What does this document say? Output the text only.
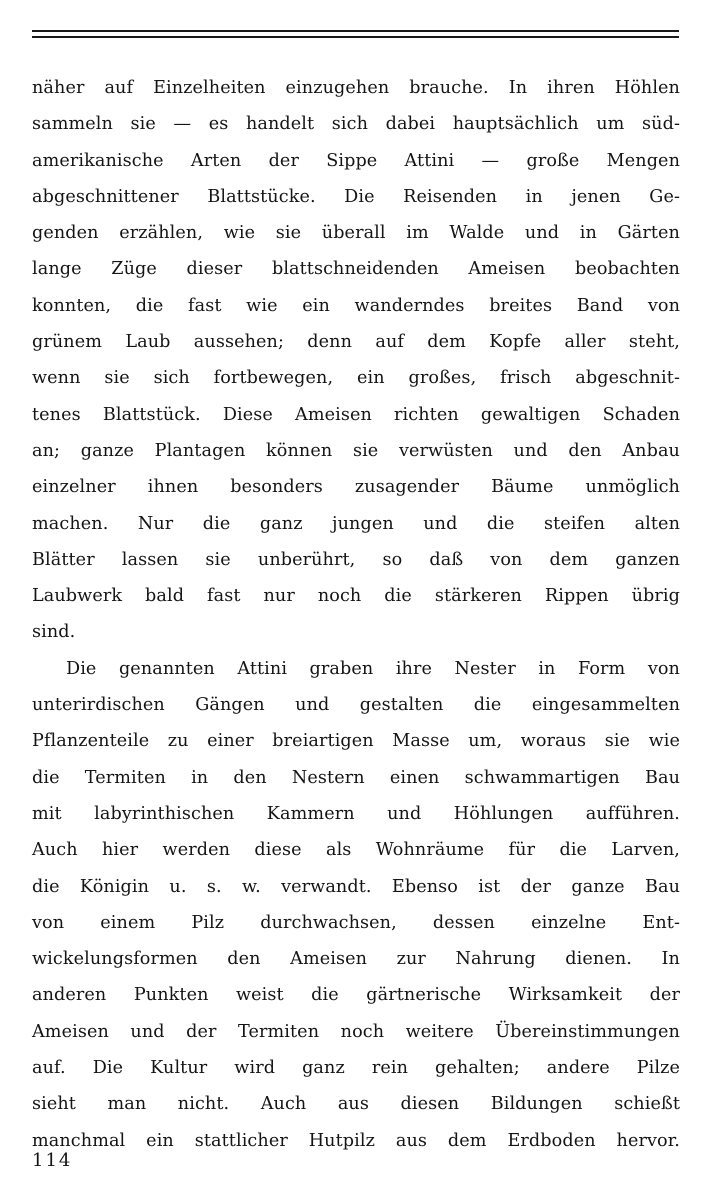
näher auf Einzelheiten einzugehen brauche. In ihren Höhlen
sammeln sie — es handelt sich dabei hauptsächlich um süd-
amerikanische Arten der Sippe Attini — große Mengen
abgeschnittener Blattstücke. Die Reisenden in jenen Ge-
genden erzählen, wie sie überall im Walde und in Gärten
lange Züge dieser blattschneidenden Ameisen beobachten
konnten, die fast wie ein wanderndes breites Band von
grünem Laub aussehen; denn auf dem Kopfe aller steht,
wenn sie sich fortbewegen, ein großes, frisch abgeschnit-
tenes Blattstück. Diese Ameisen richten gewaltigen Schaden
an; ganze Plantagen können sie verwüsten und den Anbau
einzelner ihnen besonders zusagender Bäume unmöglich
machen. Nur die ganz jungen und die steifen alten
Blätter lassen sie unberührt, so daß von dem ganzen
Laubwerk bald fast nur noch die stärkeren Rippen übrig
sind.
Die genannten Attini graben ihre Nester in Form von
unterirdischen Gängen und gestalten die eingesammelten
Pflanzenteile zu einer breiartigen Masse um, woraus sie wie
die Termiten in den Nestern einen schwammartigen Bau
mit labyrinthischen Kammern und Höhlungen aufführen.
Auch hier werden diese als Wohnräume für die Larven,
die Königin u. s. w. verwandt. Ebenso ist der ganze Bau
von einem Pilz durchwachsen, dessen einzelne Ent-
wickelungsformen den Ameisen zur Nahrung dienen. In
anderen Punkten weist die gärtnerische Wirksamkeit der
Ameisen und der Termiten noch weitere Übereinstimmungen
auf. Die Kultur wird ganz rein gehalten; andere Pilze
sieht man nicht. Auch aus diesen Bildungen schießt
manchmal ein stattlicher Hutpilz aus dem Erdboden hervor.
114
